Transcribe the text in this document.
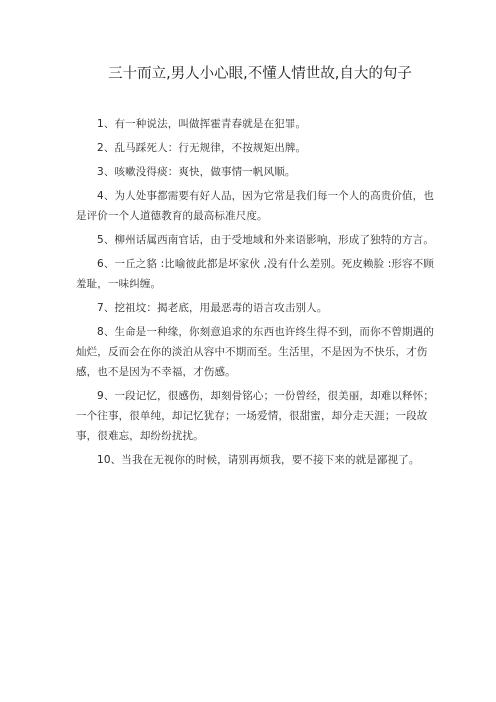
三十而立,男人小心眼,不懂人情世故,自大的句子

1、有一种说法，叫做挥霍青春就是在犯罪。

2、乱马踩死人：行无规律，不按规矩出牌。

3、咳嗽没得痰：爽快，做事情一帆风顺。

4、为人处事都需要有好人品，因为它常是我们每一个人的高贵价值，也是评价一个人道德教育的最高标准尺度。

5、柳州话属西南官话，由于受地域和外来语影响，形成了独特的方言。

6、一丘之貉 :比喻彼此都是坏家伙 ,没有什么差别。死皮赖脸 :形容不顾羞耻，一味纠缠。

7、挖祖坟：揭老底，用最恶毒的语言攻击别人。

8、生命是一种缘，你刻意追求的东西也许终生得不到，而你不曾期遇的灿烂，反而会在你的淡泊从容中不期而至。生活里，不是因为不快乐，才伤感，也不是因为不幸福，才伤感。

9、一段记忆，很感伤，却刻骨铭心；一份曾经，很美丽，却难以释怀；一个往事，很单纯，却记忆犹存；一场爱情，很甜蜜，却分走天涯；一段故事，很难忘，却纷纷扰扰。

10、当我在无视你的时候，请别再烦我，要不接下来的就是鄙视了。
